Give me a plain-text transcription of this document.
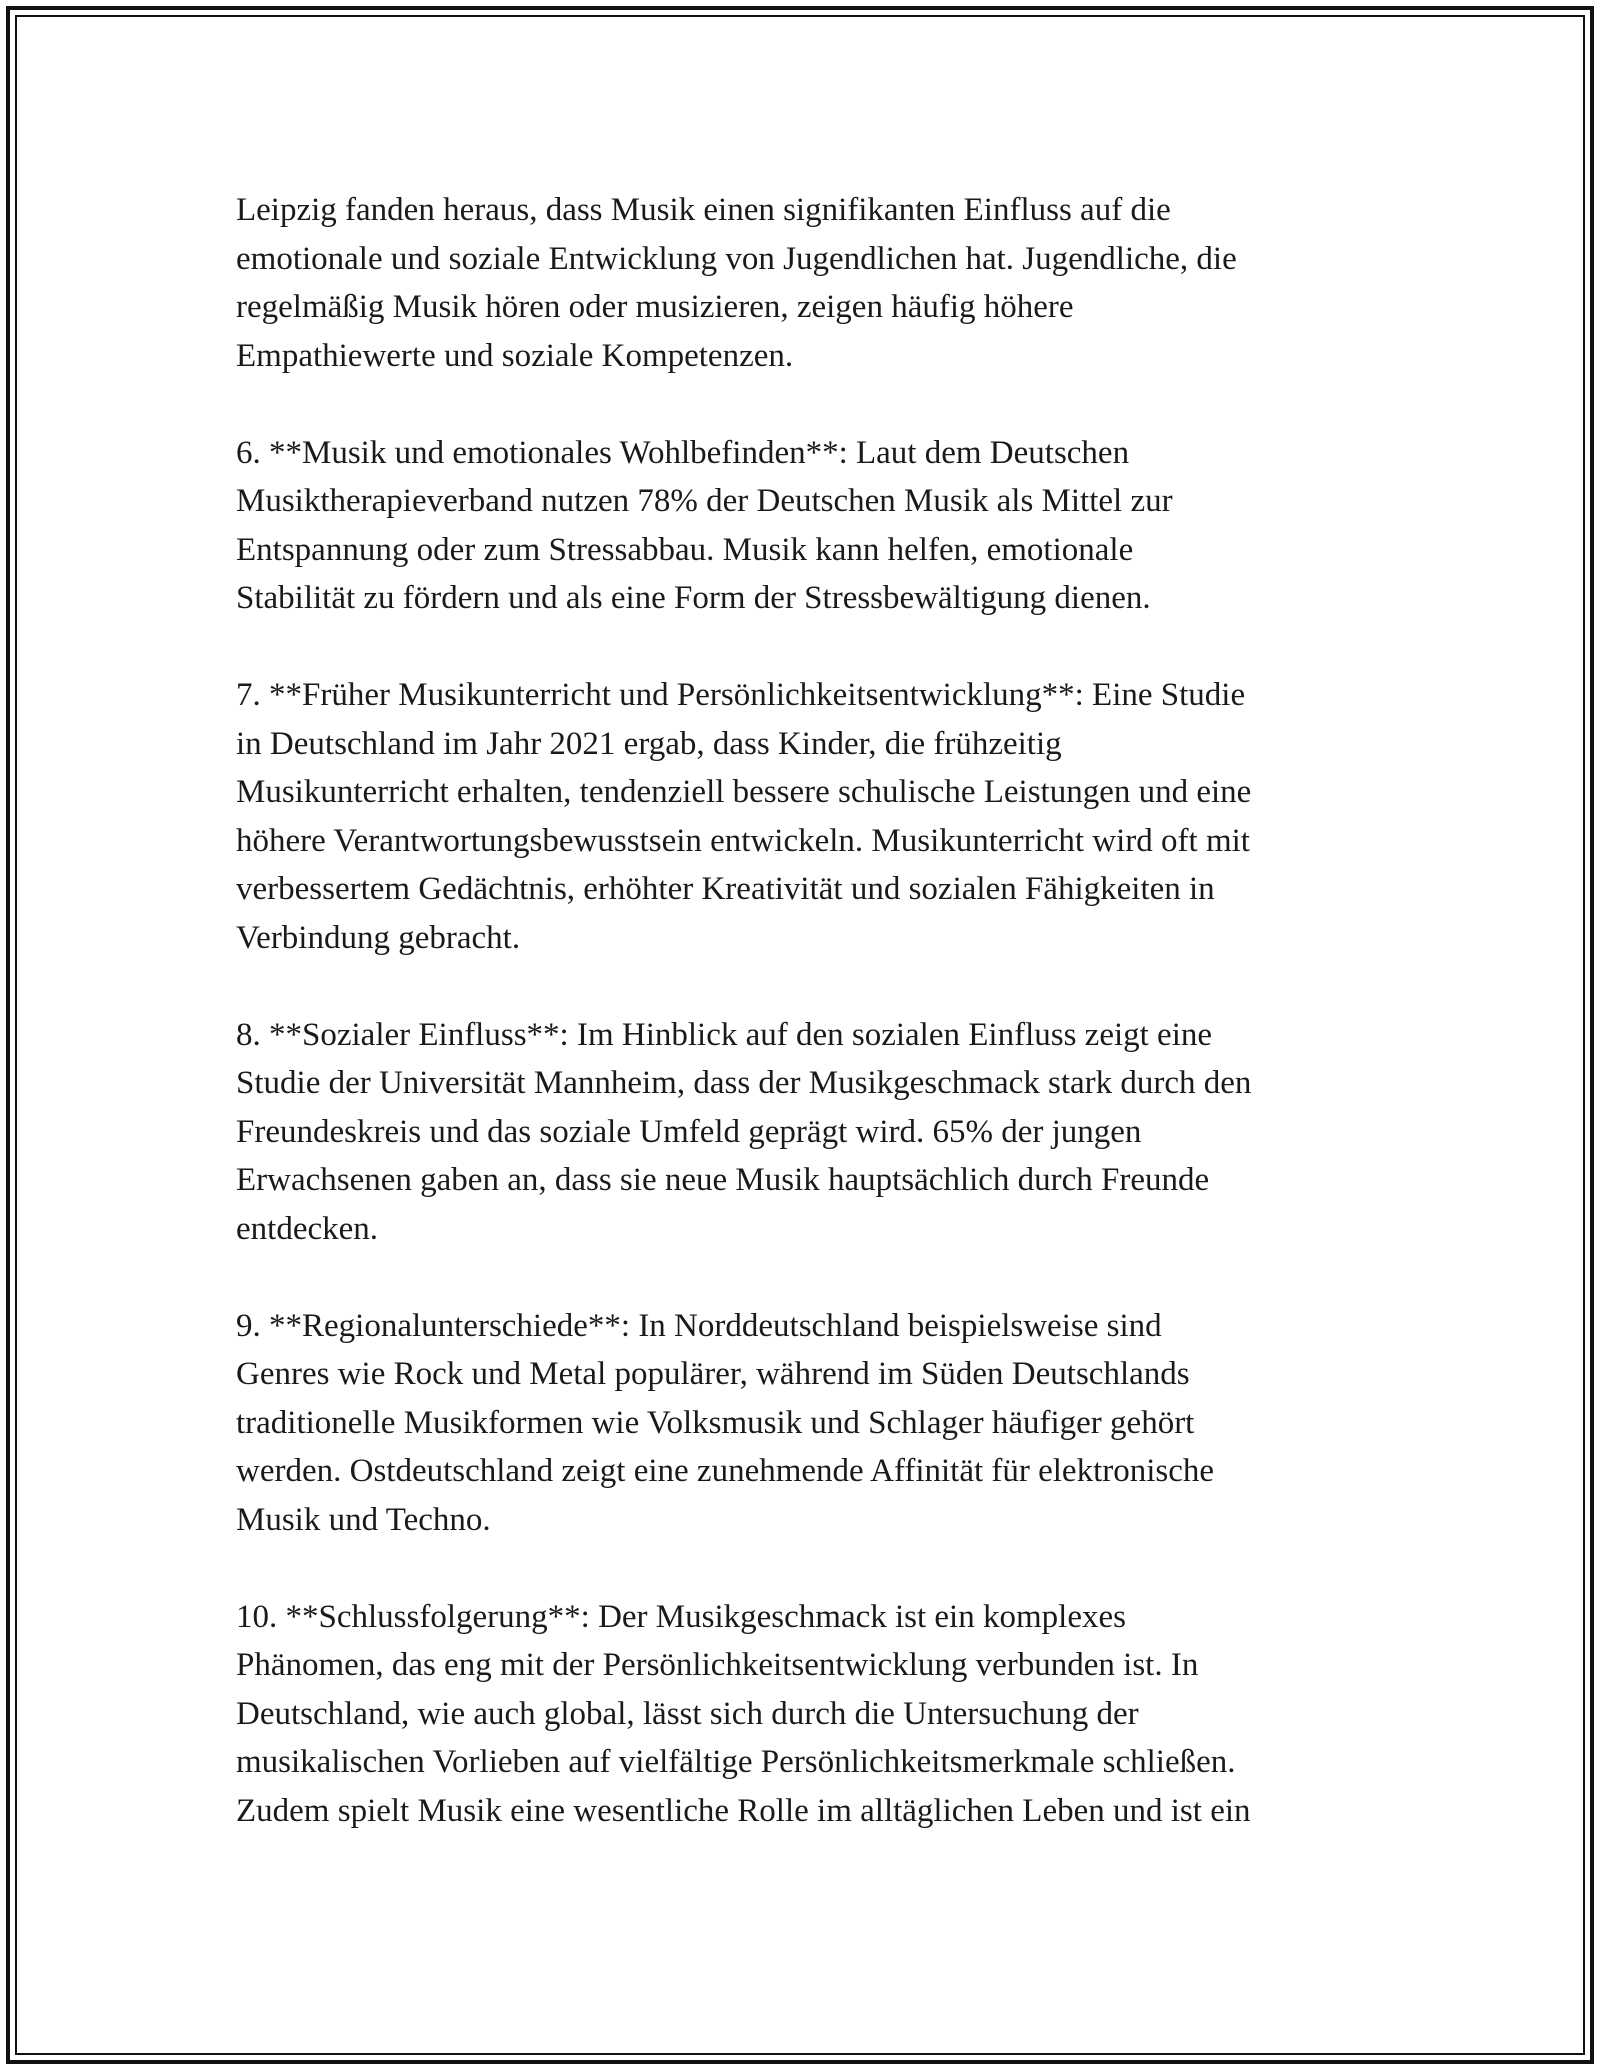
Leipzig fanden heraus, dass Musik einen signifikanten Einfluss auf die
emotionale und soziale Entwicklung von Jugendlichen hat. Jugendliche, die
regelmäßig Musik hören oder musizieren, zeigen häufig höhere
Empathiewerte und soziale Kompetenzen.

6. **Musik und emotionales Wohlbefinden**: Laut dem Deutschen
Musiktherapieverband nutzen 78% der Deutschen Musik als Mittel zur
Entspannung oder zum Stressabbau. Musik kann helfen, emotionale
Stabilität zu fördern und als eine Form der Stressbewältigung dienen.

7. **Früher Musikunterricht und Persönlichkeitsentwicklung**: Eine Studie
in Deutschland im Jahr 2021 ergab, dass Kinder, die frühzeitig
Musikunterricht erhalten, tendenziell bessere schulische Leistungen und eine
höhere Verantwortungsbewusstsein entwickeln. Musikunterricht wird oft mit
verbessertem Gedächtnis, erhöhter Kreativität und sozialen Fähigkeiten in
Verbindung gebracht.

8. **Sozialer Einfluss**: Im Hinblick auf den sozialen Einfluss zeigt eine
Studie der Universität Mannheim, dass der Musikgeschmack stark durch den
Freundeskreis und das soziale Umfeld geprägt wird. 65% der jungen
Erwachsenen gaben an, dass sie neue Musik hauptsächlich durch Freunde
entdecken.

9. **Regionalunterschiede**: In Norddeutschland beispielsweise sind
Genres wie Rock und Metal populärer, während im Süden Deutschlands
traditionelle Musikformen wie Volksmusik und Schlager häufiger gehört
werden. Ostdeutschland zeigt eine zunehmende Affinität für elektronische
Musik und Techno.

10. **Schlussfolgerung**: Der Musikgeschmack ist ein komplexes
Phänomen, das eng mit der Persönlichkeitsentwicklung verbunden ist. In
Deutschland, wie auch global, lässt sich durch die Untersuchung der
musikalischen Vorlieben auf vielfältige Persönlichkeitsmerkmale schließen.
Zudem spielt Musik eine wesentliche Rolle im alltäglichen Leben und ist ein
